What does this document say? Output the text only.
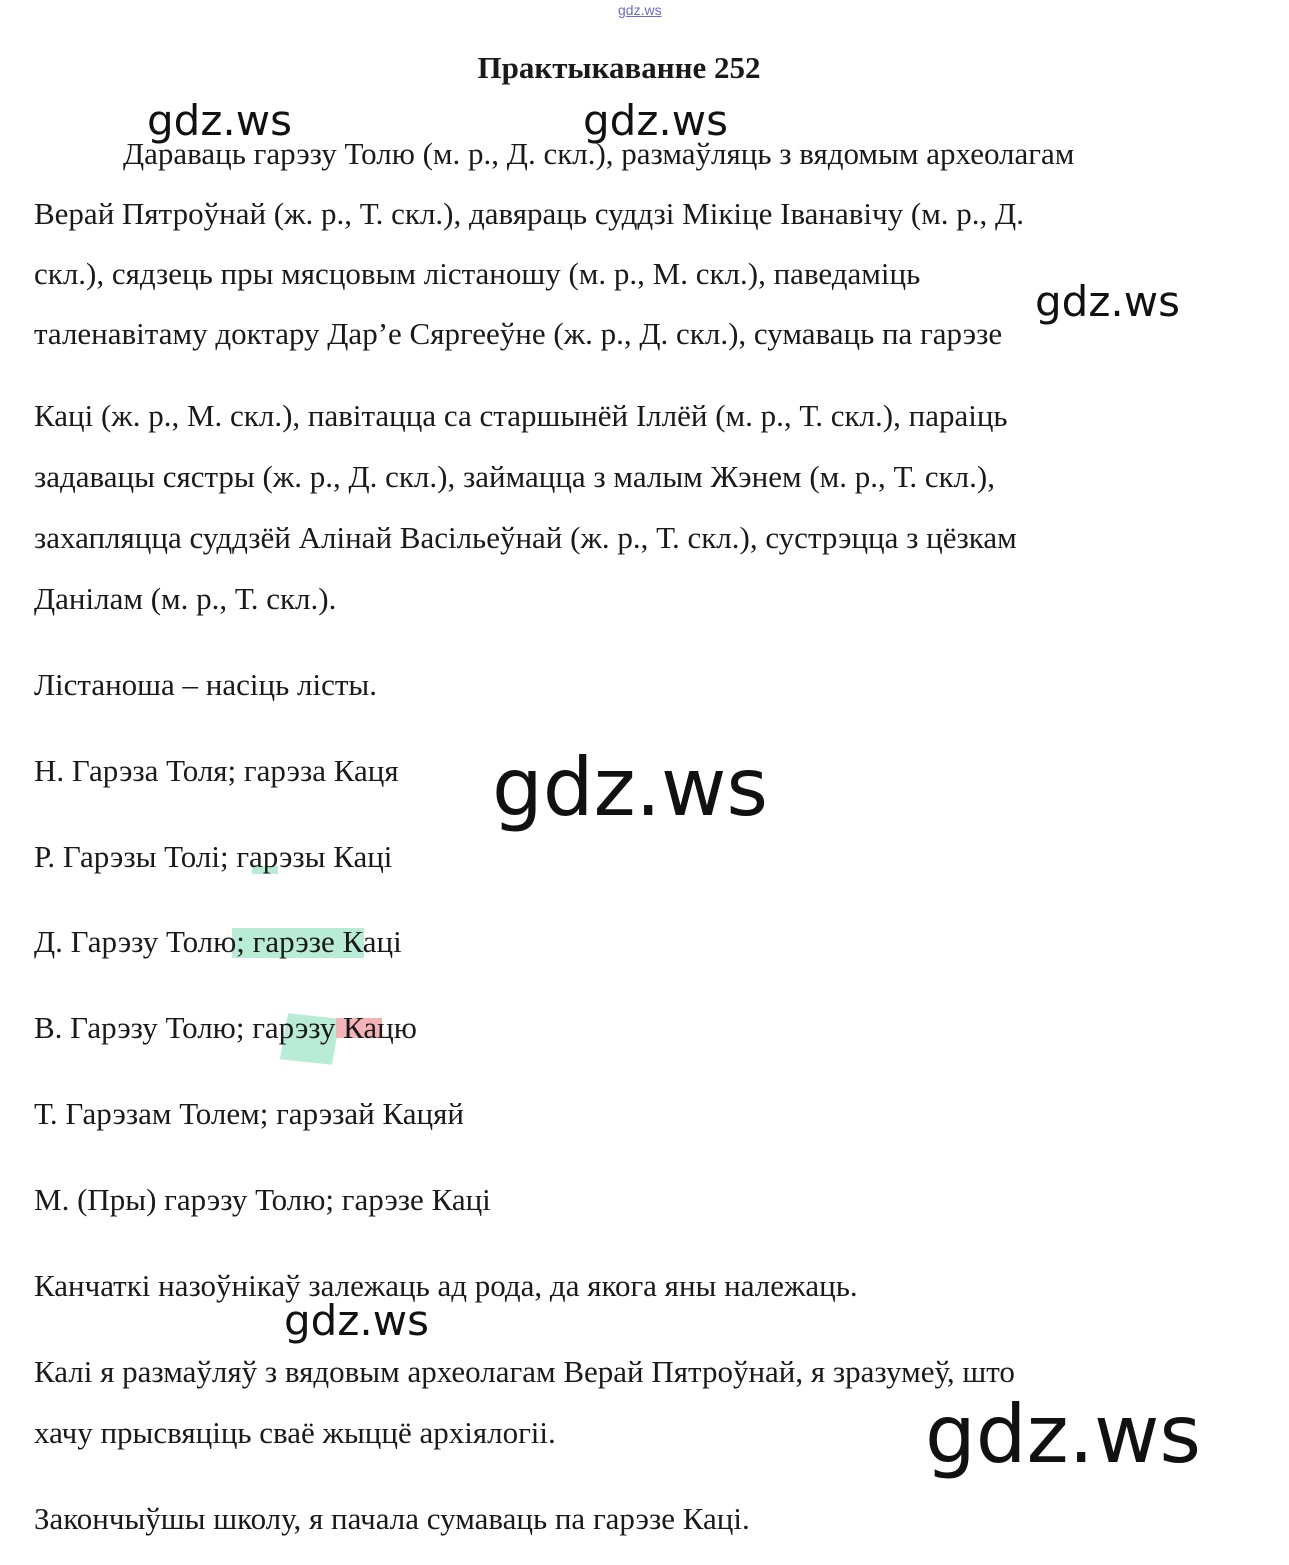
gdz.ws
Практыкаванне 252
Дараваць гарэзу Толю (м. р., Д. скл.), размаўляць з вядомым археолагам
Верай Пятроўнай (ж. р., Т. скл.), давяраць суддзі Мікіце Іванавічу (м. р., Д.
скл.), сядзець пры мясцовым лістаношу (м. р., М. скл.), паведаміць
таленавітаму доктару Дар’е Сяргееўне (ж. р., Д. скл.), сумаваць па гарэзе
Каці (ж. р., М. скл.), павітацца са старшынёй Іллёй (м. р., Т. скл.), параіць
задавацы сястры (ж. р., Д. скл.), займацца з малым Жэнем (м. р., Т. скл.),
захапляцца суддзёй Алінай Васільеўнай (ж. р., Т. скл.), сустрэцца з цёзкам
Данілам (м. р., Т. скл.).
Лістаноша – насіць лісты.
Н. Гарэза Толя; гарэза Каця
Р. Гарэзы Толі; гарэзы Каці
Д. Гарэзу Толю; гарэзе Каці
В. Гарэзу Толю; гарэзу Кацю
Т. Гарэзам Толем; гарэзай Кацяй
М. (Пры) гарэзу Толю; гарэзе Каці
Канчаткі назоўнікаў залежаць ад рода, да якога яны належаць.
Калі я размаўляў з вядовым археолагам Верай Пятроўнай, я зразумеў, што
хачу прысвяціць сваё жыццё архіялогіі.
Закончыўшы школу, я пачала сумаваць па гарэзе Каці.
gdz.ws	gdz.ws
gdz.ws
gdz.ws
gdz.ws
gdz.ws
